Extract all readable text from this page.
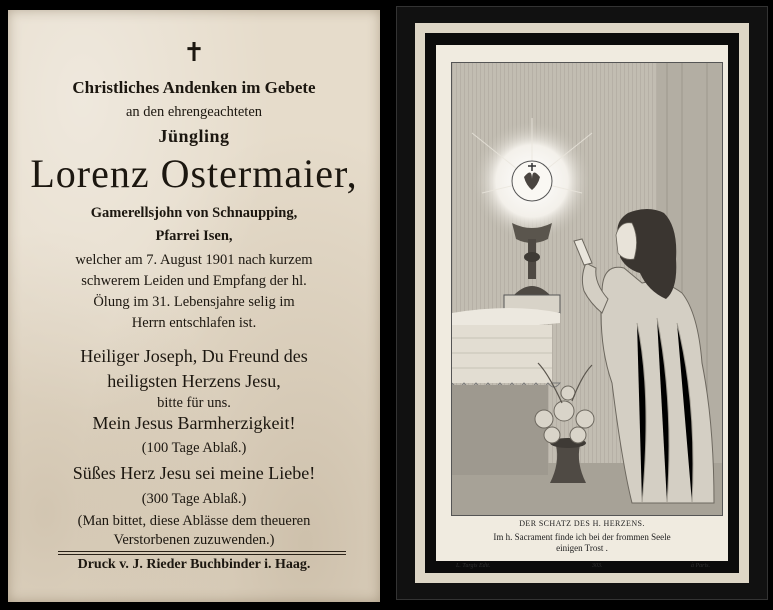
✝
Christliches Andenken im Gebete
an den ehrengeachteten
Jüngling
Lorenz Ostermaier,
Gamerellsjohn von Schnaupping,
Pfarrei Isen,
welcher am 7. August 1901 nach kurzem
schwerem Leiden und Empfang der hl.
Ölung im 31. Lebensjahre selig im
Herrn entschlafen ist.
Heiliger Joseph, Du Freund des
heiligsten Herzens Jesu,
bitte für uns.
Mein Jesus Barmherzigkeit!
(100 Tage Ablaß.)
Süßes Herz Jesu sei meine Liebe!
(300 Tage Ablaß.)
(Man bittet, diese Ablässe dem theueren
Verstorbenen zuzuwenden.)
Druck v. J. Rieder Buchbinder i. Haag.
DER SCHATZ DES H. HERZENS.
Im h. Sacrament finde ich bei der frommen Seele
einigen Trost .
L. Turgis Edit.	303.	à Paris.
